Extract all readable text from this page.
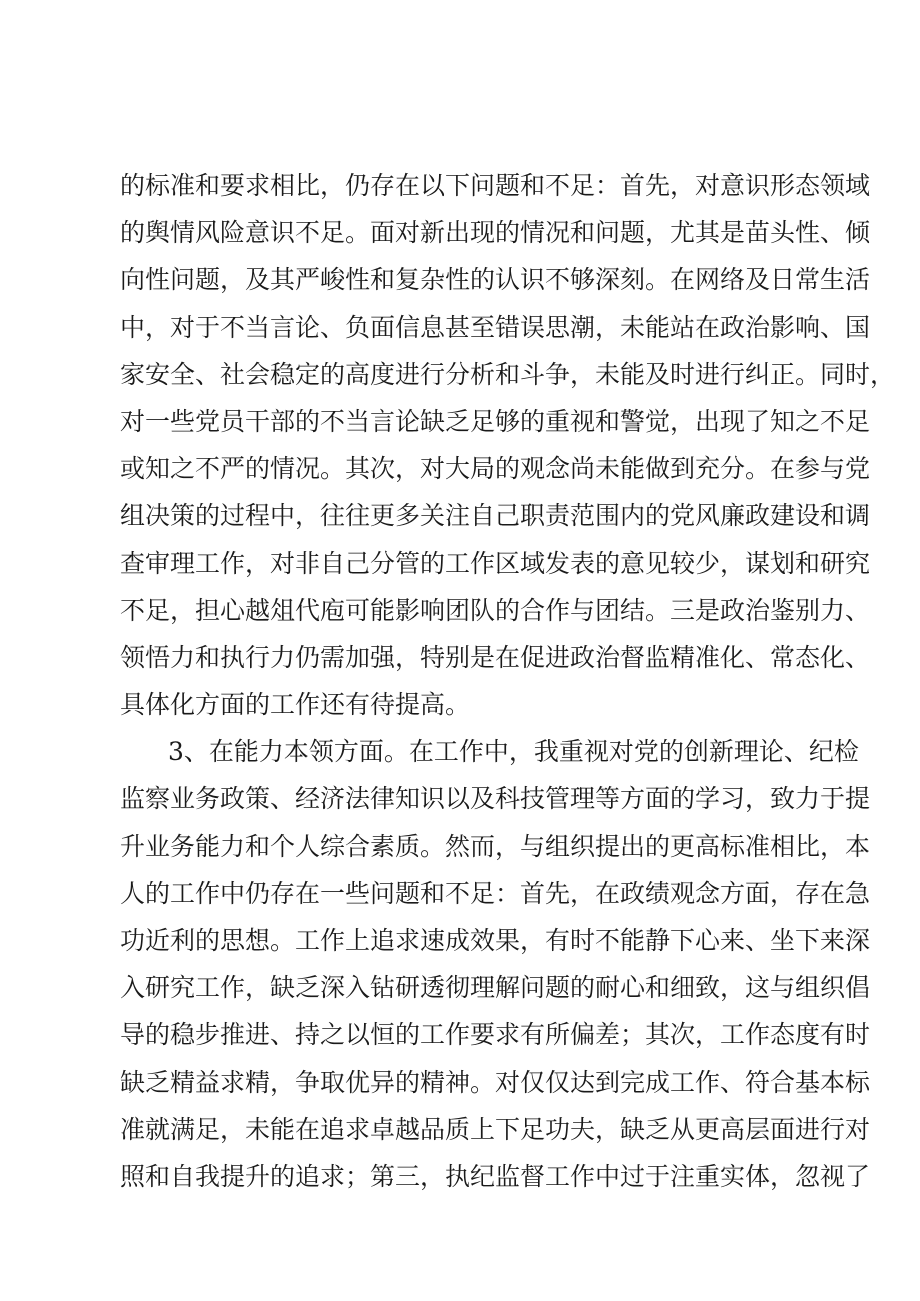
的标准和要求相比，仍存在以下问题和不足：首先，对意识形态领域
的舆情风险意识不足。面对新出现的情况和问题，尤其是苗头性、倾
向性问题，及其严峻性和复杂性的认识不够深刻。在网络及日常生活
中，对于不当言论、负面信息甚至错误思潮，未能站在政治影响、国
家安全、社会稳定的高度进行分析和斗争，未能及时进行纠正。同时，
对一些党员干部的不当言论缺乏足够的重视和警觉，出现了知之不足
或知之不严的情况。其次，对大局的观念尚未能做到充分。在参与党
组决策的过程中，往往更多关注自己职责范围内的党风廉政建设和调
查审理工作，对非自己分管的工作区域发表的意见较少，谋划和研究
不足，担心越俎代庖可能影响团队的合作与团结。三是政治鉴别力、
领悟力和执行力仍需加强，特别是在促进政治督监精准化、常态化、
具体化方面的工作还有待提高。
3、在能力本领方面。在工作中，我重视对党的创新理论、纪检
监察业务政策、经济法律知识以及科技管理等方面的学习，致力于提
升业务能力和个人综合素质。然而，与组织提出的更高标准相比，本
人的工作中仍存在一些问题和不足：首先，在政绩观念方面，存在急
功近利的思想。工作上追求速成效果，有时不能静下心来、坐下来深
入研究工作，缺乏深入钻研透彻理解问题的耐心和细致，这与组织倡
导的稳步推进、持之以恒的工作要求有所偏差；其次，工作态度有时
缺乏精益求精，争取优异的精神。对仅仅达到完成工作、符合基本标
准就满足，未能在追求卓越品质上下足功夫，缺乏从更高层面进行对
照和自我提升的追求；第三，执纪监督工作中过于注重实体，忽视了
